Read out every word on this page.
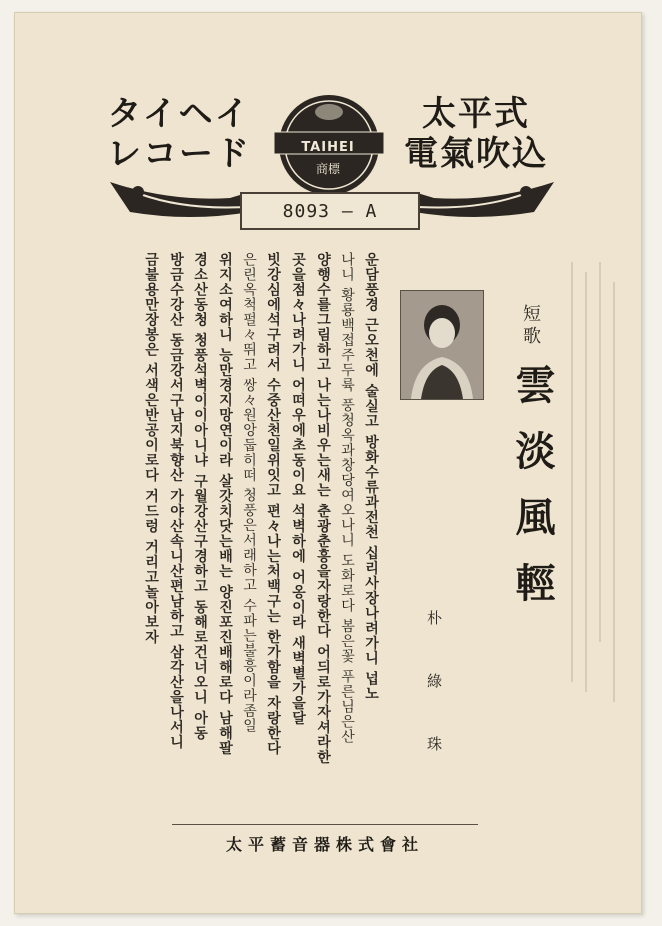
タイヘイ
レコード
太平式
電氣吹込
TAIHEI
商標
8093 — A
短歌
雲淡風輕
朴綠珠
운담풍경 근오천에 술실고 방화수류과전천 십리사장나려가니 넙노
나니 황룡백접주두륙 풍청옥과창당여오나니 도화로다 봄은꽃 푸른님은산
양행수를그림하고 나는나비우는새는 춘광춘흥을자랑한다 어듸로가자셔라한
곳을점々나려가니 어떠우에초동이요 석벽하에 어옹이라 새벽별가을달
빗강심에석구려서 수중산천일위잇고 편々나는처백구는 한가함을 자랑한다
은린옥척펄々뛰고 쌍々원앙둡히떠 청풍은서래하고 수파는불흥이라좀일
위지소여하니 능만경지망연이라 살갓치닷는배는 양진포진배해로다 남해팔
경소산동청 청풍석벽이이아니냐 구월강산구경하고 동해로건너오니 아동
방금수강산 동금강서구남지북향산 가야산속니산편남하고 삼각산을나서니
금불용만장봉은 서색은반공이로다 거드렁 거리고놀아보자
太平蓄音器株式會社
